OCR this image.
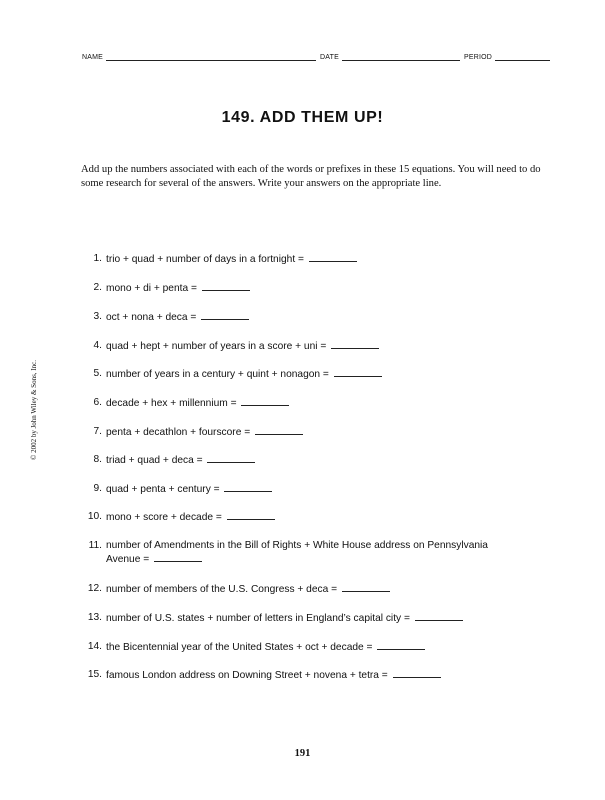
NAME	DATE	PERIOD
149. ADD THEM UP!

Add up the numbers associated with each of the words or prefixes in these 15 equations. You will need to do some research for several of the answers. Write your answers on the appropriate line.

© 2002 by John Wiley & Sons, Inc.
1. trio + quad + number of days in a fortnight =
2. mono + di + penta =
3. oct + nona + deca =
4. quad + hept + number of years in a score + uni =
5. number of years in a century + quint + nonagon =
6. decade + hex + millennium =
7. penta + decathlon + fourscore =
8. triad + quad + deca =
9. quad + penta + century =
10. mono + score + decade =
11. number of Amendments in the Bill of Rights + White House address on Pennsylvania
Avenue =
12. number of members of the U.S. Congress + deca =
13. number of U.S. states + number of letters in England’s capital city =
14. the Bicentennial year of the United States + oct + decade =
15. famous London address on Downing Street + novena + tetra =
191
